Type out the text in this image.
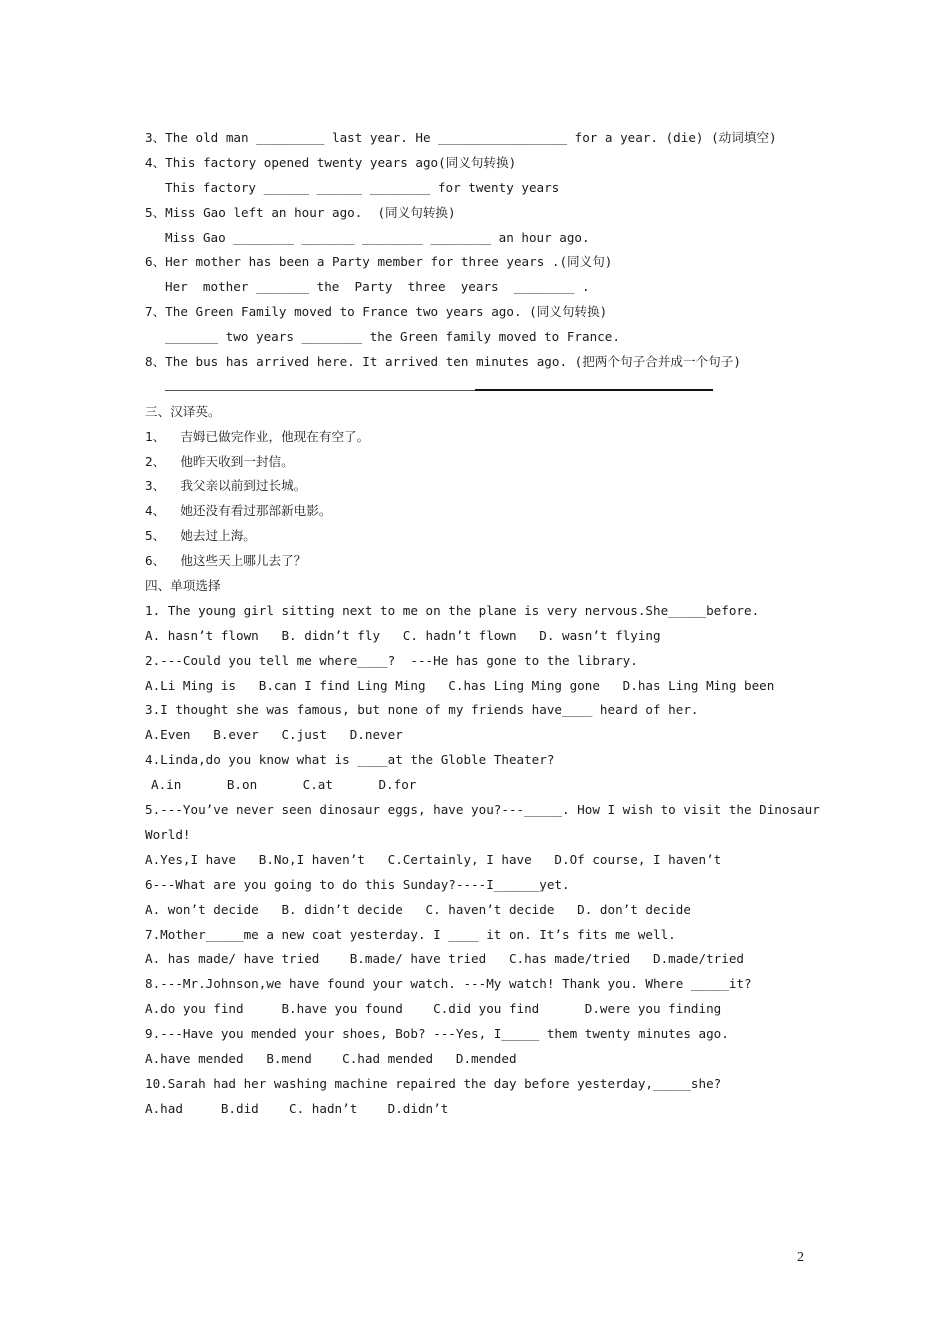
3、The old man _________ last year. He _________________ for a year. (die) (动词填空)
4、This factory opened twenty years ago(同义句转换)
This factory ______ ______ ________ for twenty years
5、Miss Gao left an hour ago.  (同义句转换)
Miss Gao ________ _______ ________ ________ an hour ago.
6、Her mother has been a Party member for three years .(同义句)
Her  mother _______ the  Party  three  years  ________ .
7、The Green Family moved to France two years ago. (同义句转换)
_______ two years ________ the Green family moved to France.
8、The bus has arrived here. It arrived ten minutes ago. (把两个句子合并成一个句子)
三、汉译英。
1、  吉姆已做完作业，他现在有空了。
2、  他昨天收到一封信。
3、  我父亲以前到过长城。
4、  她还没有看过那部新电影。
5、  她去过上海。
6、  他这些天上哪儿去了？
四、单项选择
1. The young girl sitting next to me on the plane is very nervous.She_____before.
A. hasn’t flown   B. didn’t fly   C. hadn’t flown   D. wasn’t flying
2.---Could you tell me where____?  ---He has gone to the library.
A.Li Ming is   B.can I find Ling Ming   C.has Ling Ming gone   D.has Ling Ming been
3.I thought she was famous, but none of my friends have____ heard of her.
A.Even   B.ever   C.just   D.never
4.Linda,do you know what is ____at the Globle Theater?
A.in      B.on      C.at      D.for
5.---You’ve never seen dinosaur eggs, have you?---_____. How I wish to visit the Dinosaur
World!
A.Yes,I have   B.No,I haven’t   C.Certainly, I have   D.Of course, I haven’t
6---What are you going to do this Sunday?----I______yet.
A. won’t decide   B. didn’t decide   C. haven’t decide   D. don’t decide
7.Mother_____me a new coat yesterday. I ____ it on. It’s fits me well.
A. has made/ have tried    B.made/ have tried   C.has made/tried   D.made/tried
8.---Mr.Johnson,we have found your watch. ---My watch! Thank you. Where _____it?
A.do you find     B.have you found    C.did you find      D.were you finding
9.---Have you mended your shoes, Bob? ---Yes, I_____ them twenty minutes ago.
A.have mended   B.mend    C.had mended   D.mended
10.Sarah had her washing machine repaired the day before yesterday,_____she?
A.had     B.did    C. hadn’t    D.didn’t
2
